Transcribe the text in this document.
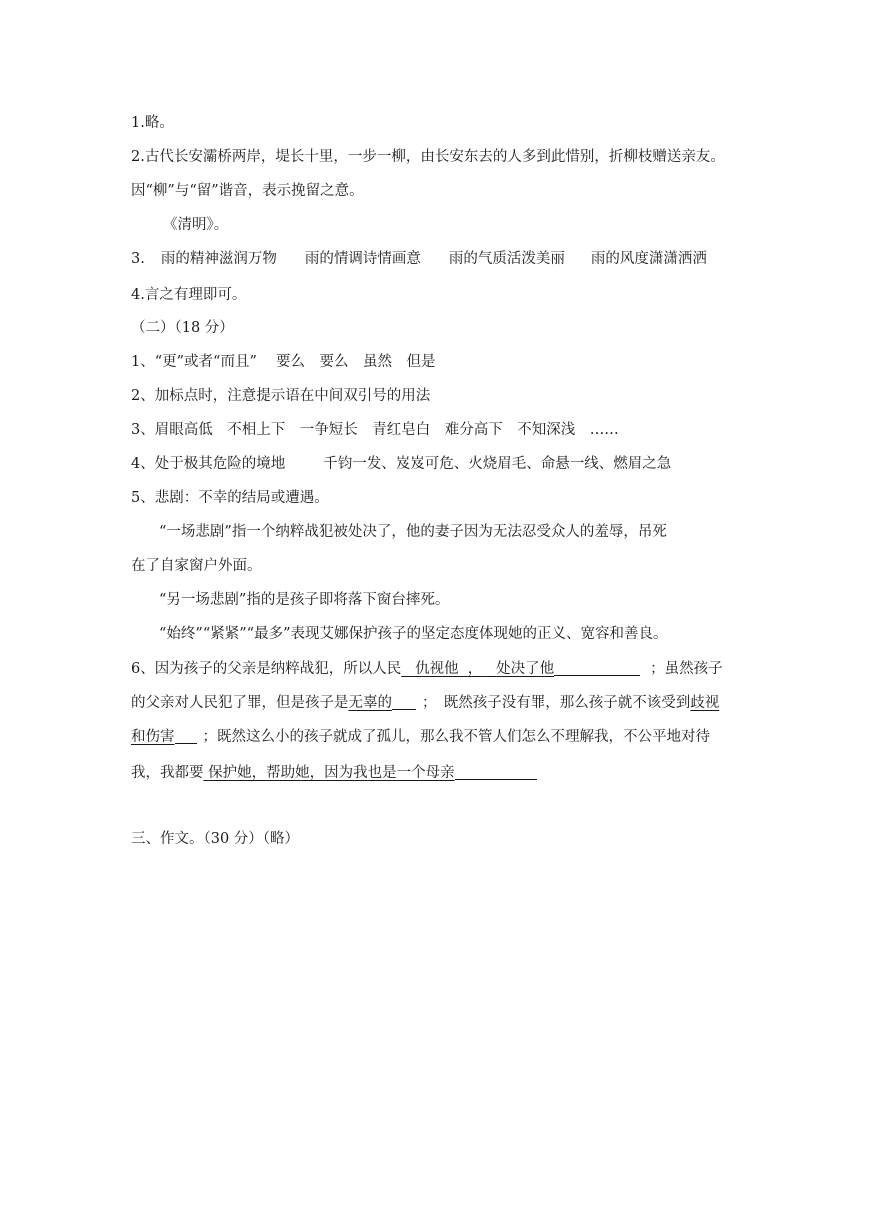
1.略。
2.古代长安灞桥两岸，堤长十里，一步一柳，由长安东去的人多到此惜别，折柳枝赠送亲友。
因“柳”与“留”谐音，表示挽留之意。
《清明》。
3. 雨的精神滋润万物 雨的情调诗情画意 雨的气质活泼美丽 雨的风度潇潇洒洒
4.言之有理即可。
（二）（18 分）
1、“更”或者“而且”　 要么　要么　虽然　但是
2、加标点时，注意提示语在中间双引号的用法
3、眉眼高低　不相上下　一争短长　青红皂白　难分高下　不知深浅　……
4、处于极其危险的境地	千钧一发、岌岌可危、火烧眉毛、命悬一线、燃眉之急
5、悲剧：不幸的结局或遭遇。
“一场悲剧”指一个纳粹战犯被处决了，他的妻子因为无法忍受众人的羞辱，吊死
在了自家窗户外面。
“另一场悲剧”指的是孩子即将落下窗台摔死。
“始终”“紧紧”“最多”表现艾娜保护孩子的坚定态度体现她的正义、宽容和善良。
6、因为孩子的父亲是纳粹战犯，所以人民 仇视他 ， 处决了他	；虽然孩子
的父亲对人民犯了罪，但是孩子是无辜的 ；　既然孩子没有罪，那么孩子就不该受到歧视
和伤害 ；既然这么小的孩子就成了孤儿，那么我不管人们怎么不理解我，不公平地对待
我，我都要 保护她，帮助她，因为我也是一个母亲
三、作文。（30 分）（略）
